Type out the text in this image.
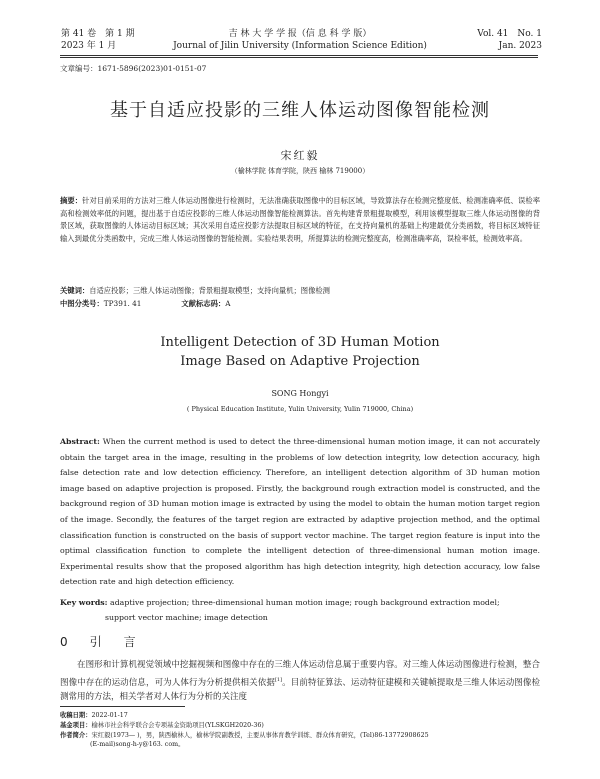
第 41 卷　第 1 期
2023 年 1 月
吉 林 大 学 学 报（信 息 科 学 版）
Journal of Jilin University (Information Science Edition)
Vol. 41　No. 1
Jan. 2023
文章编号：1671-5896(2023)01-0151-07
基于自适应投影的三维人体运动图像智能检测
宋红毅
（榆林学院 体育学院，陕西 榆林 719000）
摘要：针对目前采用的方法对三维人体运动图像进行检测时，无法准确获取图像中的目标区域，导致算法存在检测完整度低、检测准确率低、误检率高和检测效率低的问题，提出基于自适应投影的三维人体运动图像智能检测算法。首先构建背景粗提取模型，利用该模型提取三维人体运动图像的背景区域，获取图像的人体运动目标区域；其次采用自适应投影方法提取目标区域的特征，在支持向量机的基础上构建最优分类函数，将目标区域特征输入到最优分类函数中，完成三维人体运动图像的智能检测。实验结果表明，所提算法的检测完整度高，检测准确率高，误检率低，检测效率高。
关键词：自适应投影；三维人体运动图像；背景粗提取模型；支持向量机；图像检测
中图分类号：TP391. 41	文献标志码：A
Intelligent Detection of 3D Human Motion
Image Based on Adaptive Projection
SONG Hongyi
( Physical Education Institute, Yulin University, Yulin 719000, China)
Abstract: When the current method is used to detect the three-dimensional human motion image, it can not accurately obtain the target area in the image, resulting in the problems of low detection integrity, low detection accuracy, high false detection rate and low detection efficiency. Therefore, an intelligent detection algorithm of 3D human motion image based on adaptive projection is proposed. Firstly, the background rough extraction model is constructed, and the background region of 3D human motion image is extracted by using the model to obtain the human motion target region of the image. Secondly, the features of the target region are extracted by adaptive projection method, and the optimal classification function is constructed on the basis of support vector machine. The target region feature is input into the optimal classification function to complete the intelligent detection of three-dimensional human motion image. Experimental results show that the proposed algorithm has high detection integrity, high detection accuracy, low false detection rate and high detection efficiency.
Key words: adaptive projection; three-dimensional human motion image; rough background extraction model;
support vector machine; image detection
0 引 言
在图形和计算机视觉领域中挖掘视频和图像中存在的三维人体运动信息属于重要内容。对三维人体运动图像进行检测，整合图像中存在的运动信息，可为人体行为分析提供相关依据[1]。目前特征算法、运动特征建模和关键帧提取是三维人体运动图像检测常用的方法，相关学者对人体行为分析的关注度
收稿日期：2022-01-17
基金项目：榆林市社会科学联合会专项基金资助项目(YLSKGH2020-36)
作者简介：宋红毅(1973— )，男，陕西榆林人，榆林学院副教授，主要从事体育教学训练、群众体育研究，(Tel)86-13772908625
(E-mail)song-h-y@163. com。
